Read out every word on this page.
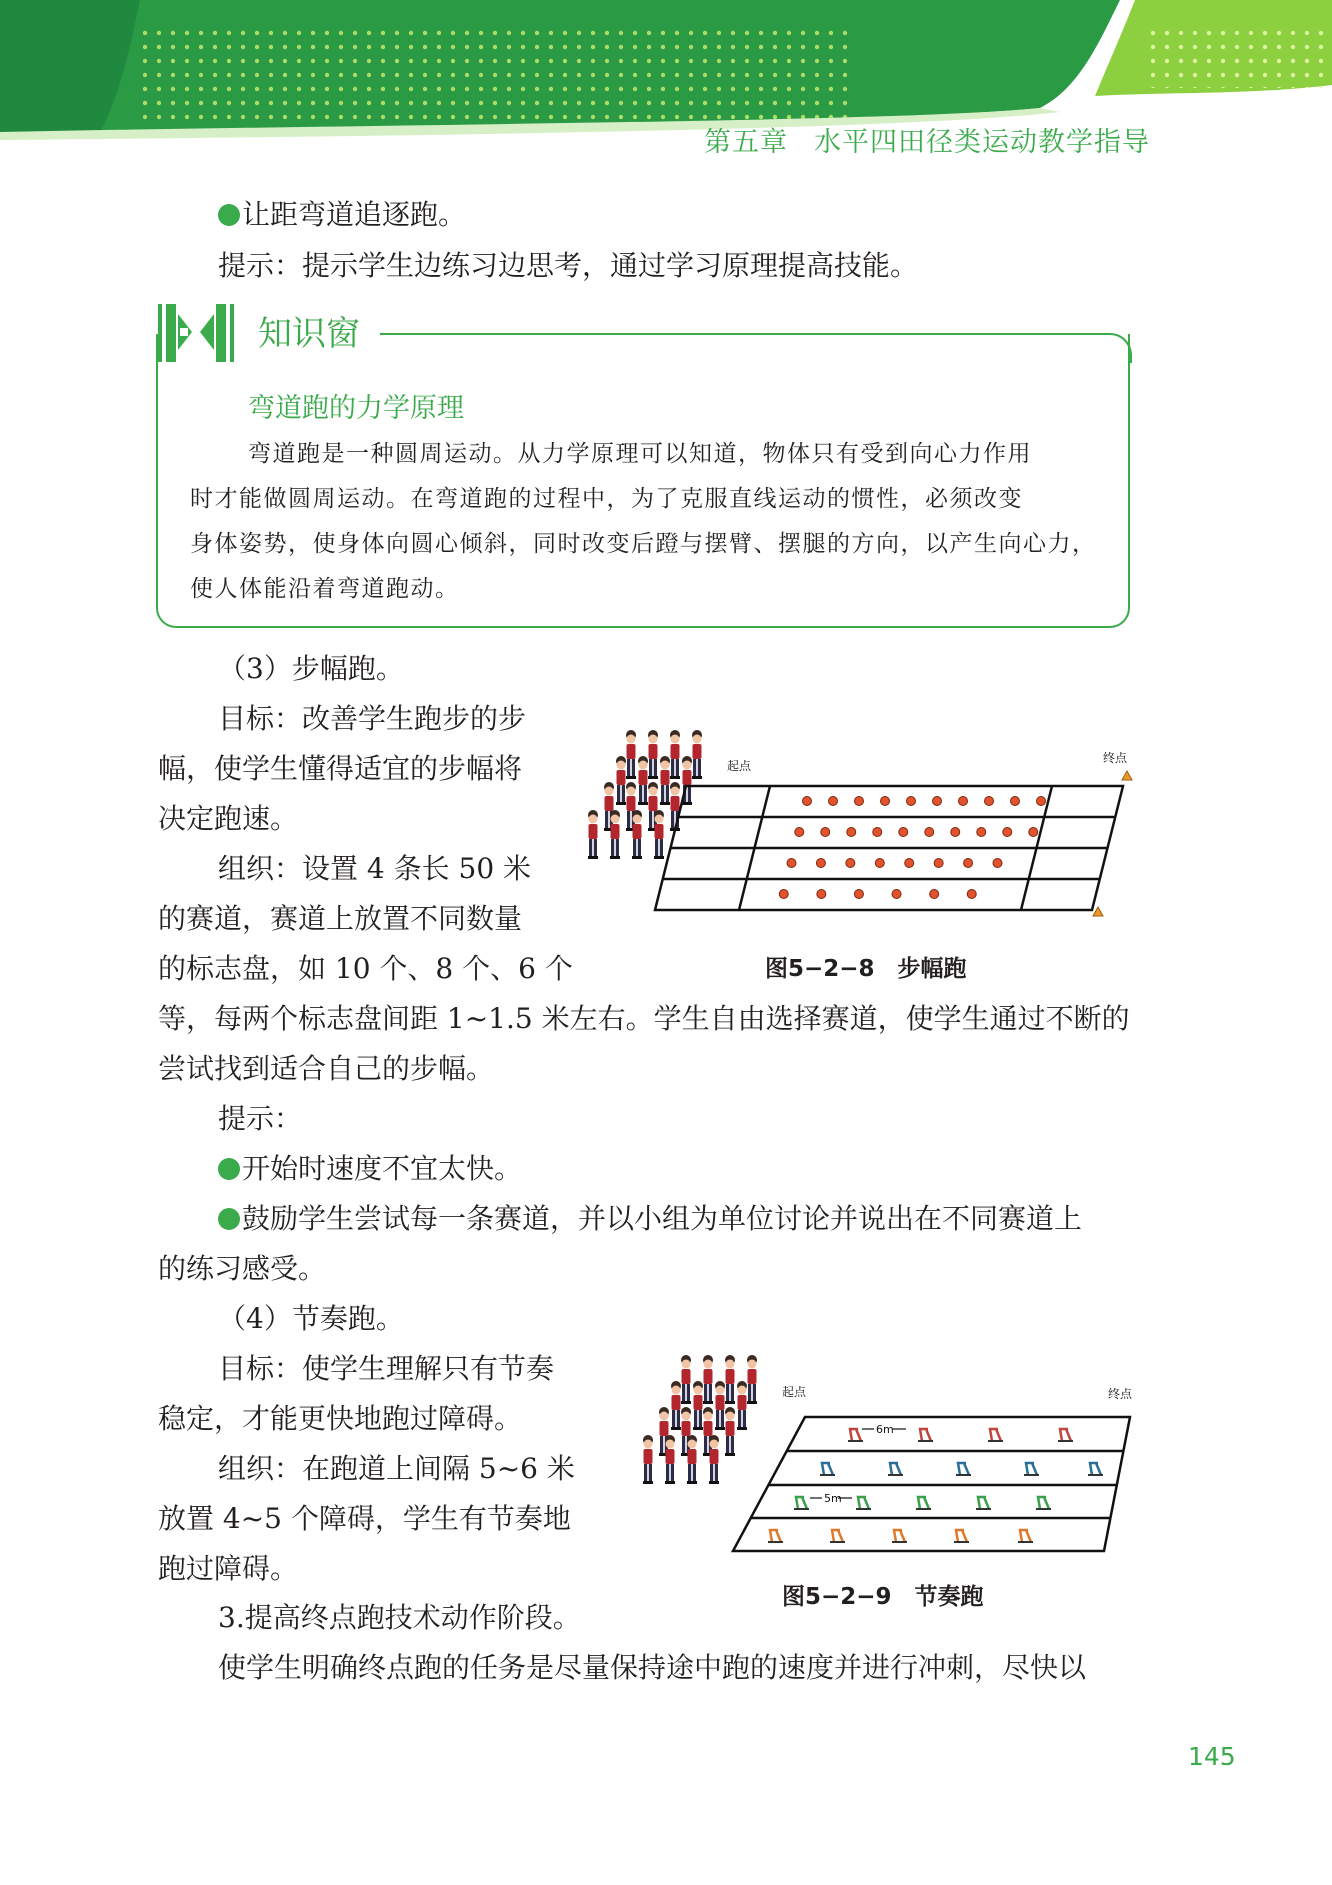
第五章 水平四田径类运动教学指导
让距弯道追逐跑。
提示：提示学生边练习边思考，通过学习原理提高技能。
知识窗
弯道跑的力学原理

弯道跑是一种圆周运动。从力学原理可以知道，物体只有受到向心力作用

时才能做圆周运动。在弯道跑的过程中，为了克服直线运动的惯性，必须改变

身体姿势，使身体向圆心倾斜，同时改变后蹬与摆臂、摆腿的方向，以产生向心力，

使人体能沿着弯道跑动。

（3）步幅跑。
目标：改善学生跑步的步
幅，使学生懂得适宜的步幅将
决定跑速。
组织：设置 4 条长 50 米
的赛道，赛道上放置不同数量
的标志盘，如 10 个、8 个、6 个
等，每两个标志盘间距 1~1.5 米左右。学生自由选择赛道，使学生通过不断的
尝试找到适合自己的步幅。
提示：
开始时速度不宜太快。
鼓励学生尝试每一条赛道，并以小组为单位讨论并说出在不同赛道上
的练习感受。
起点
终点
图5−2−8　步幅跑
（4）节奏跑。
目标：使学生理解只有节奏
稳定，才能更快地跑过障碍。
组织：在跑道上间隔 5~6 米
放置 4~5 个障碍，学生有节奏地
跑过障碍。
6m
5m
起点	终点
图5−2−9　节奏跑
3.提高终点跑技术动作阶段。
使学生明确终点跑的任务是尽量保持途中跑的速度并进行冲刺，尽快以
145
